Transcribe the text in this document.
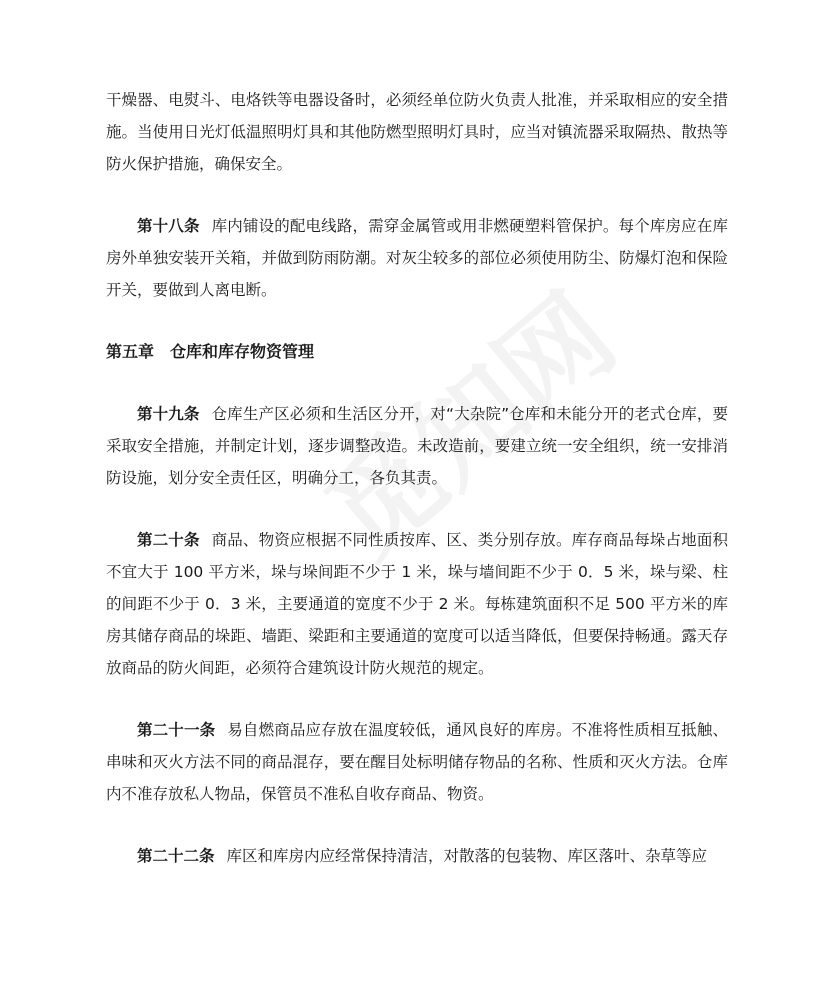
干燥器、电熨斗、电烙铁等电器设备时，必须经单位防火负责人批准，并采取相应的安全措施。当使用日光灯低温照明灯具和其他防燃型照明灯具时，应当对镇流器采取隔热、散热等防火保护措施，确保安全。

第十八条 库内铺设的配电线路，需穿金属管或用非燃硬塑料管保护。每个库房应在库房外单独安装开关箱，并做到防雨防潮。对灰尘较多的部位必须使用防尘、防爆灯泡和保险开关，要做到人离电断。

第五章 仓库和库存物资管理

第十九条 仓库生产区必须和生活区分开，对“大杂院”仓库和未能分开的老式仓库，要采取安全措施，并制定计划，逐步调整改造。未改造前，要建立统一安全组织，统一安排消防设施，划分安全责任区，明确分工，各负其责。

第二十条 商品、物资应根据不同性质按库、区、类分别存放。库存商品每垛占地面积不宜大于 100 平方米，垛与垛间距不少于 1 米，垛与墙间距不少于 0．5 米，垛与梁、柱的间距不少于 0．3 米，主要通道的宽度不少于 2 米。每栋建筑面积不足 500 平方米的库房其储存商品的垛距、墙距、梁距和主要通道的宽度可以适当降低，但要保持畅通。露天存放商品的防火间距，必须符合建筑设计防火规范的规定。

第二十一条 易自燃商品应存放在温度较低，通风良好的库房。不准将性质相互抵触、串味和灭火方法不同的商品混存，要在醒目处标明储存物品的名称、性质和灭火方法。仓库内不准存放私人物品，保管员不准私自收存商品、物资。

第二十二条 库区和库房内应经常保持清洁，对散落的包装物、库区落叶、杂草等应
